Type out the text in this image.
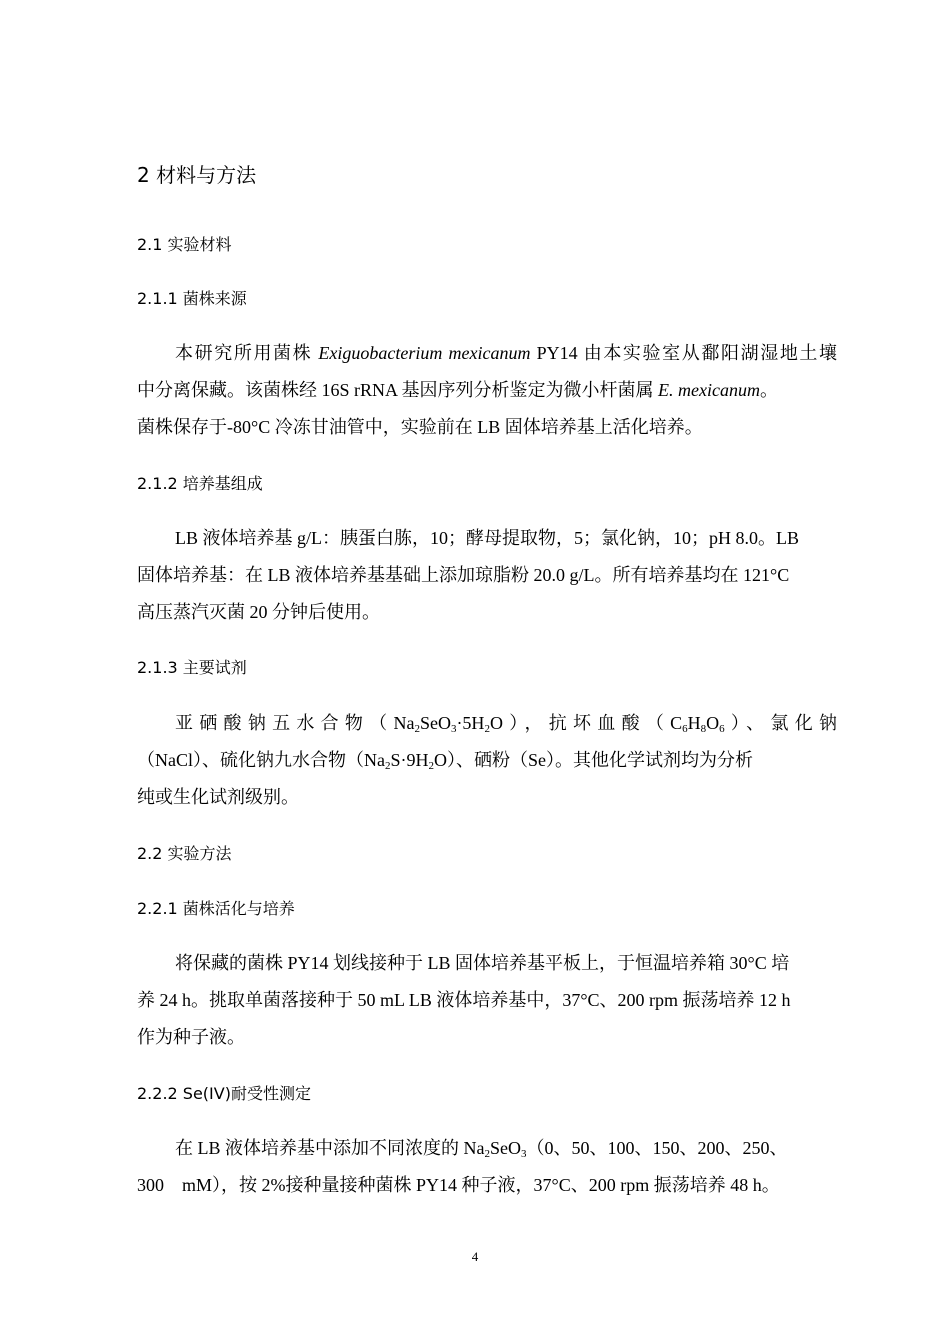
2 材料与方法
2.1 实验材料
2.1.1 菌株来源
本研究所用菌株 Exiguobacterium mexicanum PY14 由本实验室从鄱阳湖湿地土壤
中分离保藏。该菌株经 16S rRNA 基因序列分析鉴定为微小杆菌属 E. mexicanum。
菌株保存于-80°C 冷冻甘油管中，实验前在 LB 固体培养基上活化培养。
2.1.2 培养基组成
LB 液体培养基 g/L：胰蛋白胨，10；酵母提取物，5；氯化钠，10；pH 8.0。LB
固体培养基：在 LB 液体培养基基础上添加琼脂粉 20.0 g/L。所有培养基均在 121°C
高压蒸汽灭菌 20 分钟后使用。
2.1.3 主要试剂
亚硒酸钠五水合物$(Na_2SeO_3\cdot 5H_2O)$，抗坏血酸$(C_6H_8O_6)$、氯化钠
（NaCl）、硫化钠九水合物$(Na_2S\cdot 9H_2O)$、硒粉（Se）。其他化学试剂均为分析
纯或生化试剂级别。
2.2 实验方法
2.2.1 菌株活化与培养
将保藏的菌株 PY14 划线接种于 LB 固体培养基平板上，于恒温培养箱 30°C 培
养 24 h。挑取单菌落接种于 50 mL LB 液体培养基中，37°C、200 rpm 振荡培养 12 h
作为种子液。
2.2.2 Se(IV)耐受性测定
在 LB 液体培养基中添加不同浓度的 $Na_2SeO_3(0$、50、100、150、200、250、
300    mM），按 2%接种量接种菌株 PY14 种子液，37°C、200 rpm 振荡培养 48 h。
4
